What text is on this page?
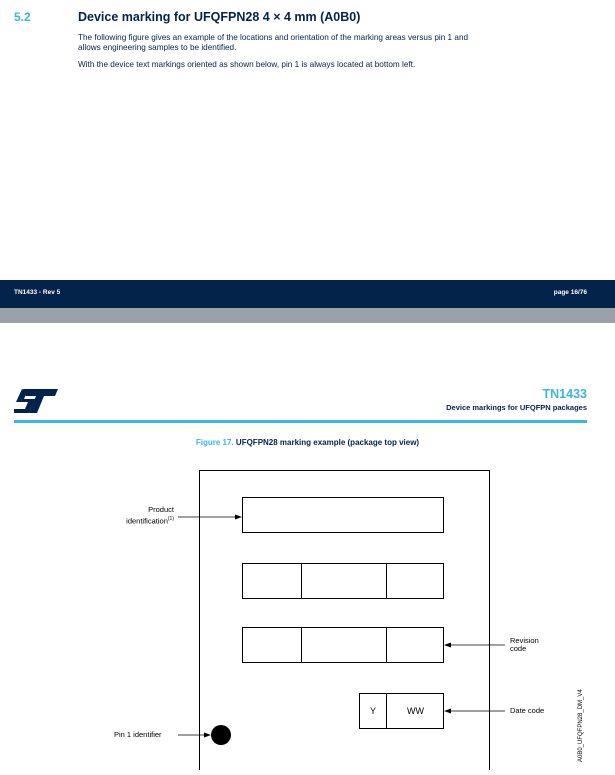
5.2	Device marking for UFQFPN28 4 × 4 mm (A0B0)
The following figure gives an example of the locations and orientation of the marking areas versus pin 1 and
allows engineering samples to be identified.
With the device text markings oriented as shown below, pin 1 is always located at bottom left.
TN1433 - Rev 5	page 16/76
TN1433
Device markings for UFQFPN packages
Figure 17. UFQFPN28 marking example (package top view)
Y	WW
Product
identification$^{(1)}$
Revision
code
Date code
Pin 1 identifier	A0B0_UFQFPN28_DM_V4
